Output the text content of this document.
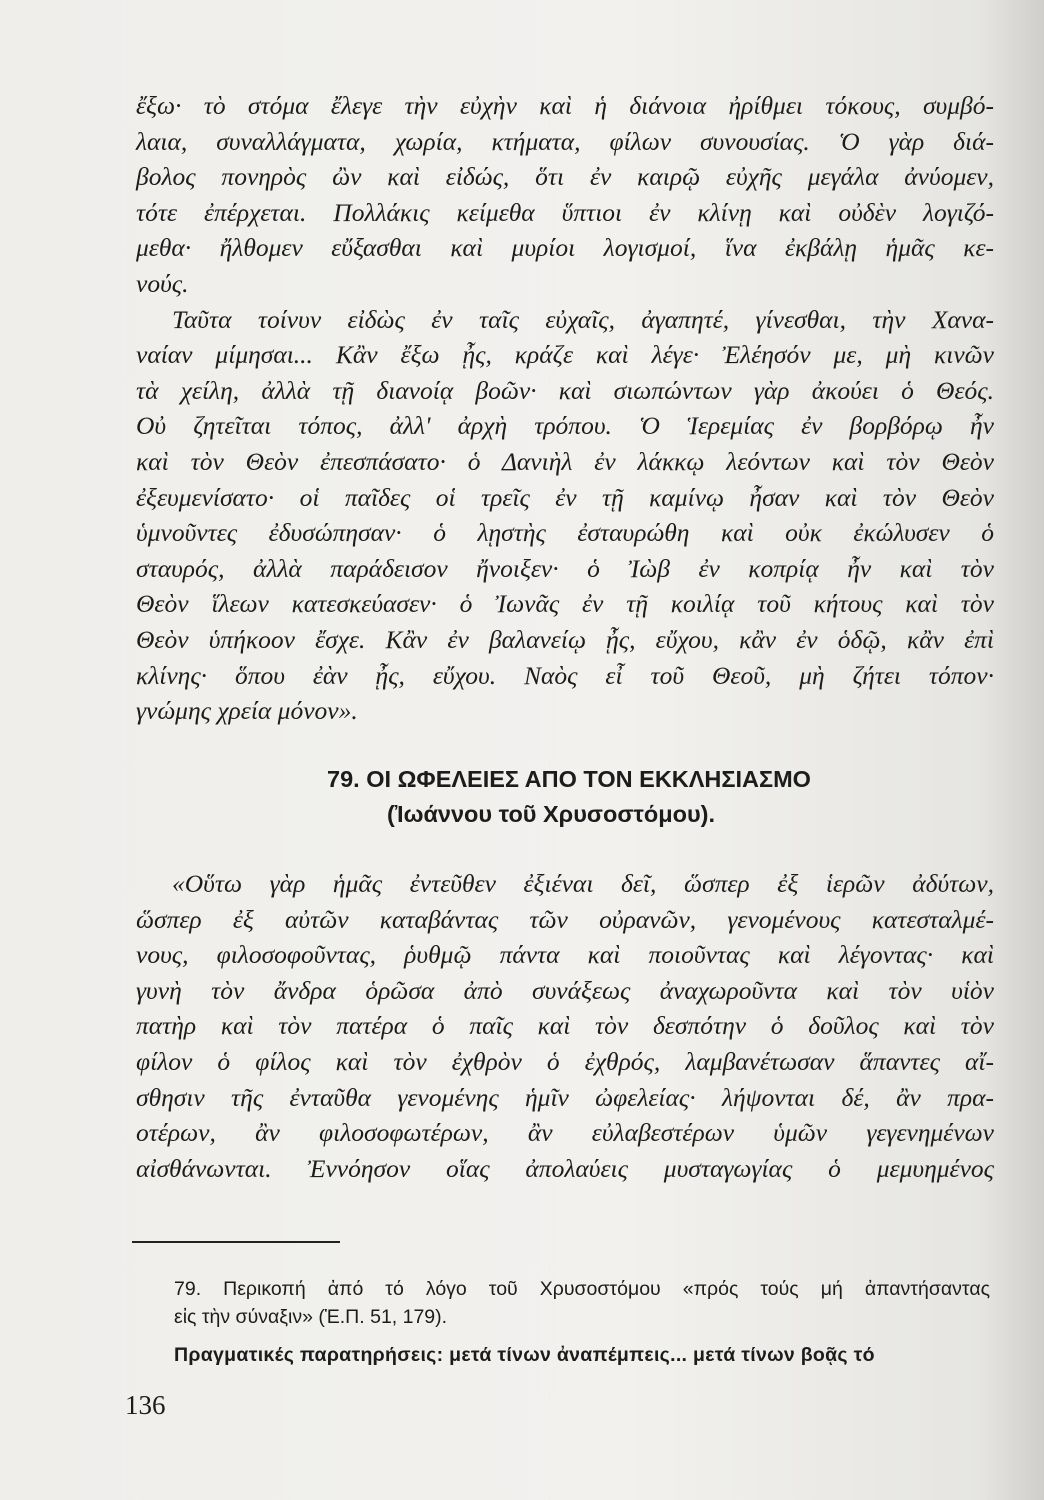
ἔξω· τὸ στόμα ἔλεγε τὴν εὐχὴν καὶ ἡ διάνοια ἠρίθμει τόκους, συμβό-
λαια, συναλλάγματα, χωρία, κτήματα, φίλων συνουσίας. Ὁ γὰρ διά-
βολος πονηρὸς ὢν καὶ εἰδώς, ὅτι ἐν καιρῷ εὐχῆς μεγάλα ἀνύομεν,
τότε ἐπέρχεται. Πολλάκις κείμεθα ὕπτιοι ἐν κλίνῃ καὶ οὐδὲν λογιζό-
μεθα· ἤλθομεν εὔξασθαι καὶ μυρίοι λογισμοί, ἵνα ἐκβάλῃ ἡμᾶς κε-
νούς.
Ταῦτα τοίνυν εἰδὼς ἐν ταῖς εὐχαῖς, ἀγαπητέ, γίνεσθαι, τὴν Χανα-
ναίαν μίμησαι... Κἂν ἔξω ᾖς, κράζε καὶ λέγε· Ἐλέησόν με, μὴ κινῶν
τὰ χείλη, ἀλλὰ τῇ διανοίᾳ βοῶν· καὶ σιωπώντων γὰρ ἀκούει ὁ Θεός.
Οὐ ζητεῖται τόπος, ἀλλ' ἀρχὴ τρόπου. Ὁ Ἱερεμίας ἐν βορβόρῳ ἦν
καὶ τὸν Θεὸν ἐπεσπάσατο· ὁ Δανιὴλ ἐν λάκκῳ λεόντων καὶ τὸν Θεὸν
ἐξευμενίσατο· οἱ παῖδες οἱ τρεῖς ἐν τῇ καμίνῳ ἦσαν καὶ τὸν Θεὸν
ὑμνοῦντες ἐδυσώπησαν· ὁ λῃστὴς ἐσταυρώθη καὶ οὐκ ἐκώλυσεν ὁ
σταυρός, ἀλλὰ παράδεισον ἤνοιξεν· ὁ Ἰὼβ ἐν κοπρίᾳ ἦν καὶ τὸν
Θεὸν ἵλεων κατεσκεύασεν· ὁ Ἰωνᾶς ἐν τῇ κοιλίᾳ τοῦ κήτους καὶ τὸν
Θεὸν ὑπήκοον ἔσχε. Κἂν ἐν βαλανείῳ ᾖς, εὔχου, κἂν ἐν ὁδῷ, κἂν ἐπὶ
κλίνης· ὅπου ἐὰν ᾖς, εὔχου. Ναὸς εἶ τοῦ Θεοῦ, μὴ ζήτει τόπον·
γνώμης χρεία μόνον».
79. ΟΙ ΩΦΕΛΕΙΕΣ ΑΠΟ ΤΟΝ ΕΚΚΛΗΣΙΑΣΜΟ
(Ἰωάννου τοῦ Χρυσοστόμου).
«Οὕτω γὰρ ἡμᾶς ἐντεῦθεν ἐξιέναι δεῖ, ὥσπερ ἐξ ἱερῶν ἀδύτων,
ὥσπερ ἐξ αὐτῶν καταβάντας τῶν οὐρανῶν, γενομένους κατεσταλμέ-
νους, φιλοσοφοῦντας, ῥυθμῷ πάντα καὶ ποιοῦντας καὶ λέγοντας· καὶ
γυνὴ τὸν ἄνδρα ὁρῶσα ἀπὸ συνάξεως ἀναχωροῦντα καὶ τὸν υἱὸν
πατὴρ καὶ τὸν πατέρα ὁ παῖς καὶ τὸν δεσπότην ὁ δοῦλος καὶ τὸν
φίλον ὁ φίλος καὶ τὸν ἐχθρὸν ὁ ἐχθρός, λαμβανέτωσαν ἅπαντες αἴ-
σθησιν τῆς ἐνταῦθα γενομένης ἡμῖν ὠφελείας· λήψονται δέ, ἂν πρα-
οτέρων, ἂν φιλοσοφωτέρων, ἂν εὐλαβεστέρων ὑμῶν γεγενημένων
αἰσθάνωνται. Ἐννόησον οἵας ἀπολαύεις μυσταγωγίας ὁ μεμυημένος
79. Περικοπή ἀπό τό λόγο τοῦ Χρυσοστόμου «πρός τούς μή ἀπαντήσαντας
εἰς τὴν σύναξιν» (Ἑ.Π. 51, 179).
Πραγματικές παρατηρήσεις: μετά τίνων ἀναπέμπεις... μετά τίνων βοᾷς τό
136
